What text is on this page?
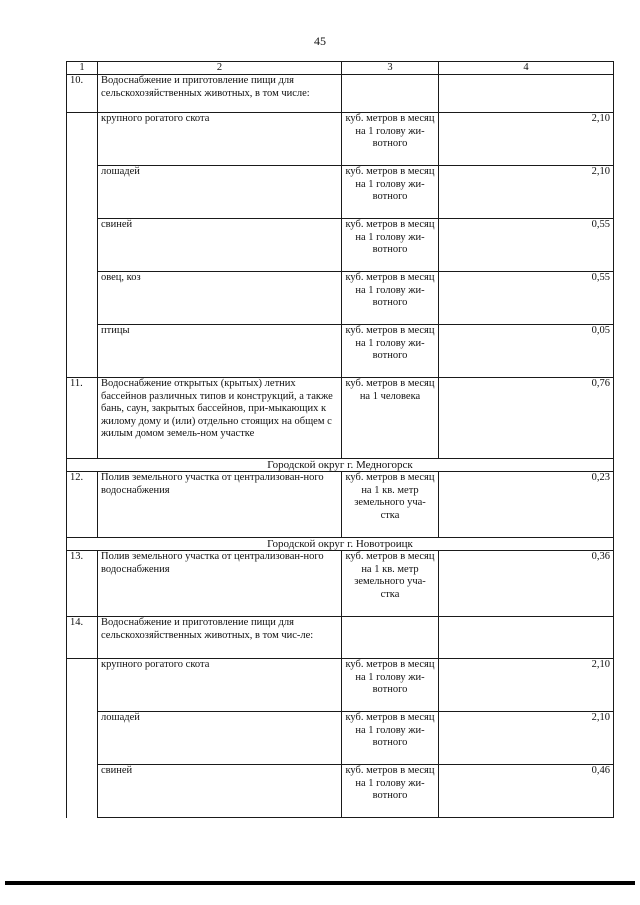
45
1	2	3	4
10.	Водоснабжение и приготовление пищи для сельскохозяйственных животных, в том числе:		
	крупного рогатого скота	куб. метров в месяц на 1 голову жи-вотного	2,10
	лошадей	куб. метров в месяц на 1 голову жи-вотного	2,10
	свиней	куб. метров в месяц на 1 голову жи-вотного	0,55
	овец, коз	куб. метров в месяц на 1 голову жи-вотного	0,55
	птицы	куб. метров в месяц на 1 голову жи-вотного	0,05
11.	Водоснабжение открытых (крытых) летних бассейнов различных типов и конструкций, а также бань, саун, закрытых бассейнов, при-мыкающих к жилому дому и (или) отдельно стоящих на общем с жилым домом земель-ном участке	куб. метров в месяц на 1 человека	0,76
Городской округ г. Медногорск			
12.	Полив земельного участка от централизован-ного водоснабжения	куб. метров в месяц на 1 кв. метр земельного уча-стка	0,23
Городской округ г. Новотроицк			
13.	Полив земельного участка от централизован-ного водоснабжения	куб. метров в месяц на 1 кв. метр земельного уча-стка	0,36
14.	Водоснабжение и приготовление пищи для сельскохозяйственных животных, в том чис-ле:		
	крупного рогатого скота	куб. метров в месяц на 1 голову жи-вотного	2,10
	лошадей	куб. метров в месяц на 1 голову жи-вотного	2,10
	свиней	куб. метров в месяц на 1 голову жи-вотного	0,46
